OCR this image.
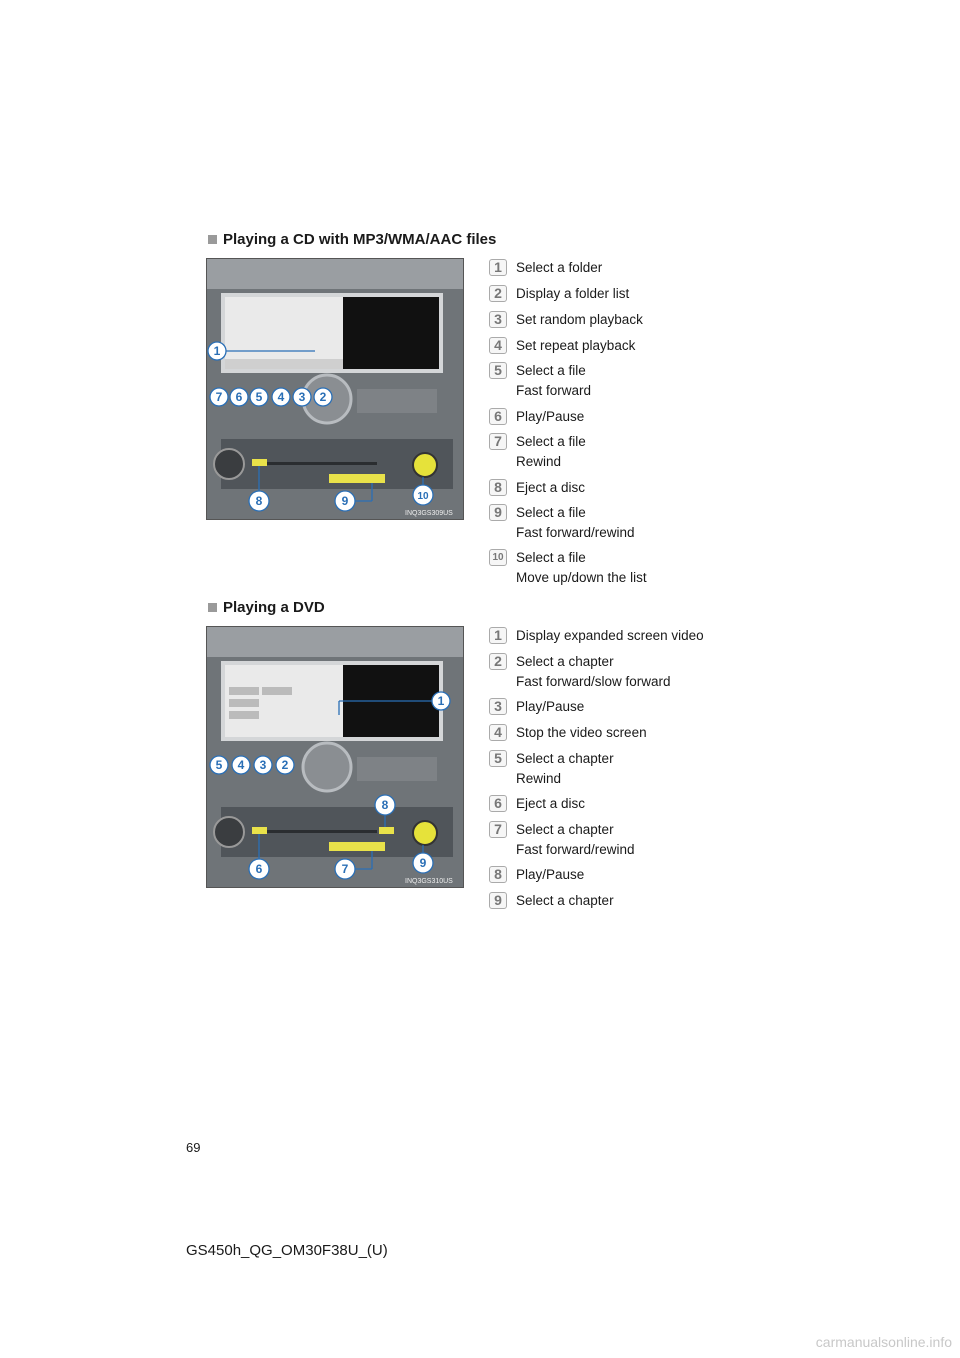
Playing a CD with MP3/WMA/AAC files
1
7 6 5 4 3 2
8	9	10
INQ3GS309US
1	Select a folder
2	Display a folder list
3	Set random playback
4	Set repeat playback
5	Select a file
Fast forward
6	Play/Pause
7	Select a file
Rewind
8	Eject a disc
9	Select a file
Fast forward/rewind
10 Select a file
Move up/down the list
Playing a DVD
1
5 4 3 2
8
6	7	9
INQ3GS310US
1	Display expanded screen video
2	Select a chapter
Fast forward/slow forward
3	Play/Pause
4	Stop the video screen
5	Select a chapter
Rewind
6	Eject a disc
7	Select a chapter
Fast forward/rewind
8	Play/Pause
9	Select a chapter
69
GS450h_QG_OM30F38U_(U)
carmanualsonline.info
